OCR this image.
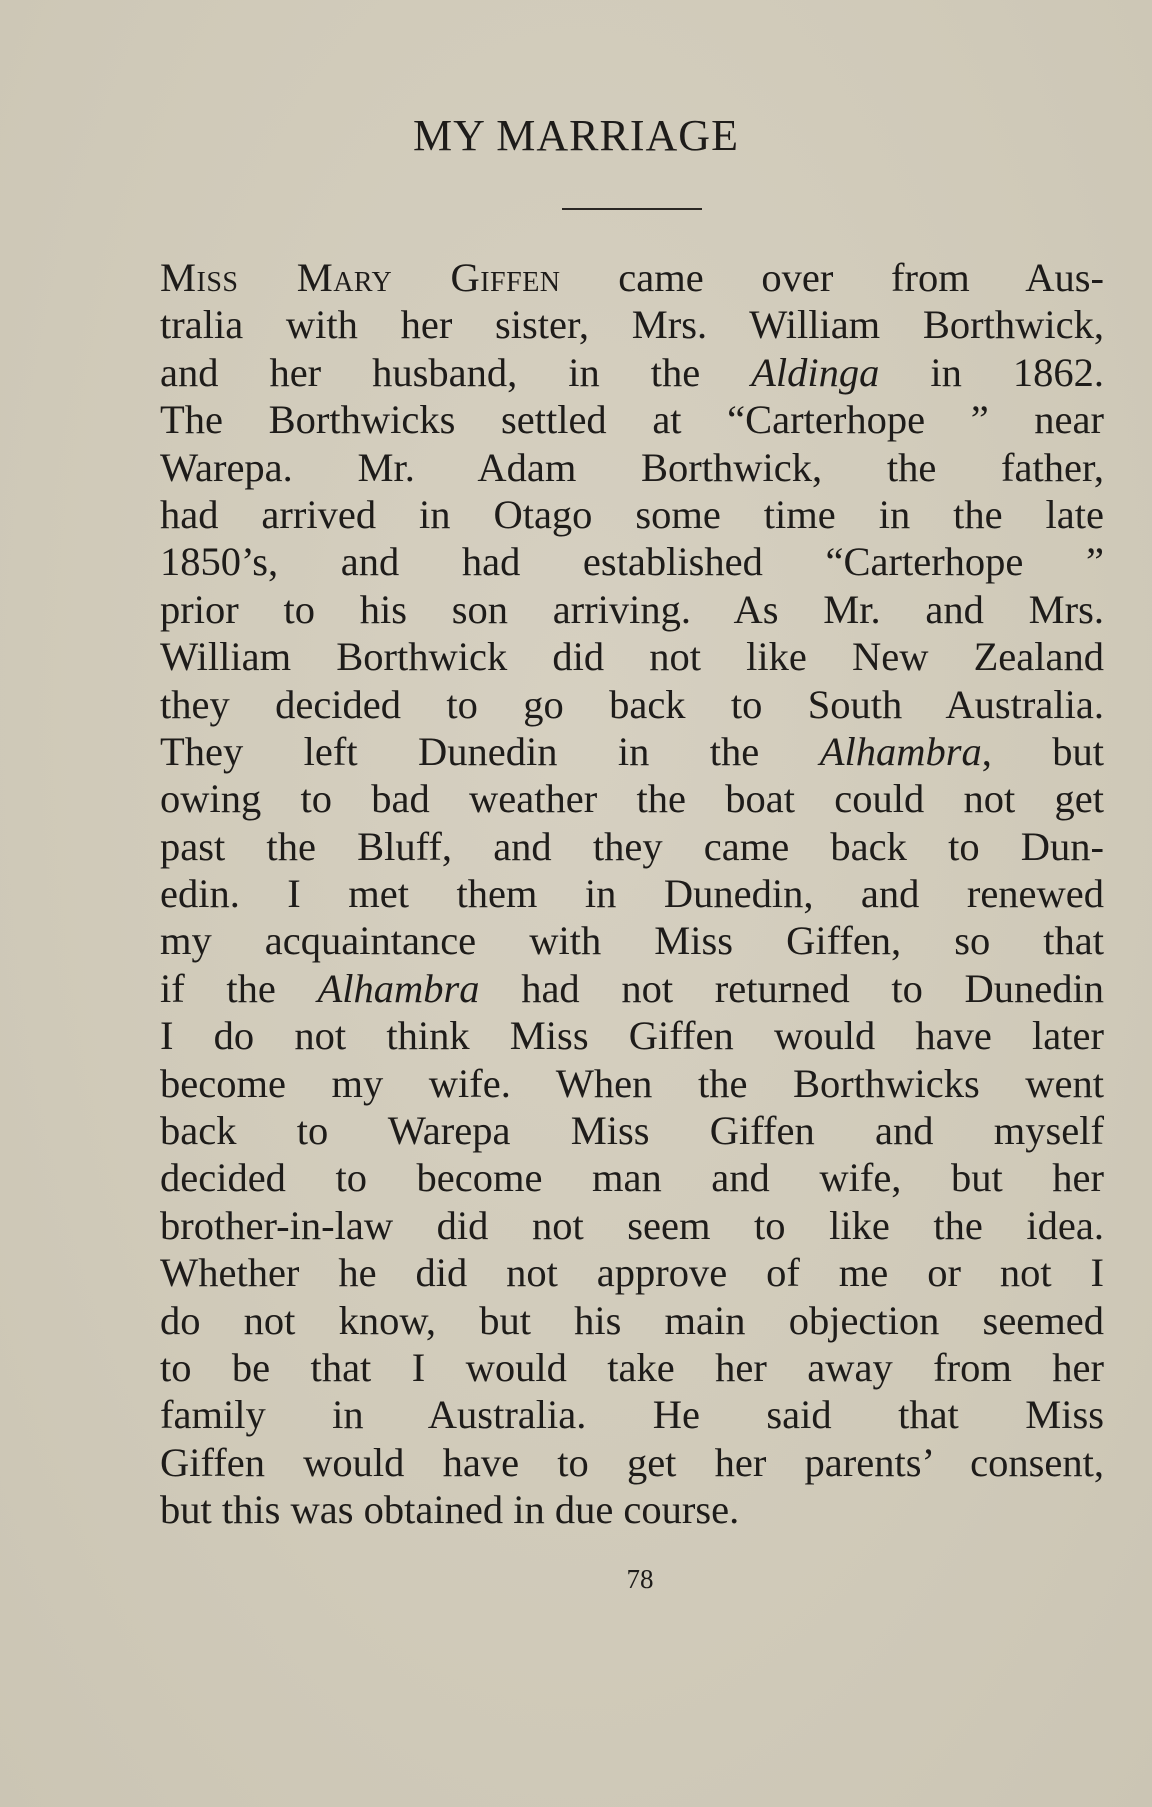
MY MARRIAGE
Miss Mary Giffen came over from Aus-
tralia with her sister, Mrs. William Borthwick,
and her husband, in the Aldinga in 1862.
The Borthwicks settled at “Carterhope ” near
Warepa. Mr. Adam Borthwick, the father,
had arrived in Otago some time in the late
1850’s, and had established “Carterhope ”
prior to his son arriving. As Mr. and Mrs.
William Borthwick did not like New Zealand
they decided to go back to South Australia.
They left Dunedin in the Alhambra, but
owing to bad weather the boat could not get
past the Bluff, and they came back to Dun-
edin. I met them in Dunedin, and renewed
my acquaintance with Miss Giffen, so that
if the Alhambra had not returned to Dunedin
I do not think Miss Giffen would have later
become my wife. When the Borthwicks went
back to Warepa Miss Giffen and myself
decided to become man and wife, but her
brother-in-law did not seem to like the idea.
Whether he did not approve of me or not I
do not know, but his main objection seemed
to be that I would take her away from her
family in Australia. He said that Miss
Giffen would have to get her parents’ consent,
but this was obtained in due course.
78
